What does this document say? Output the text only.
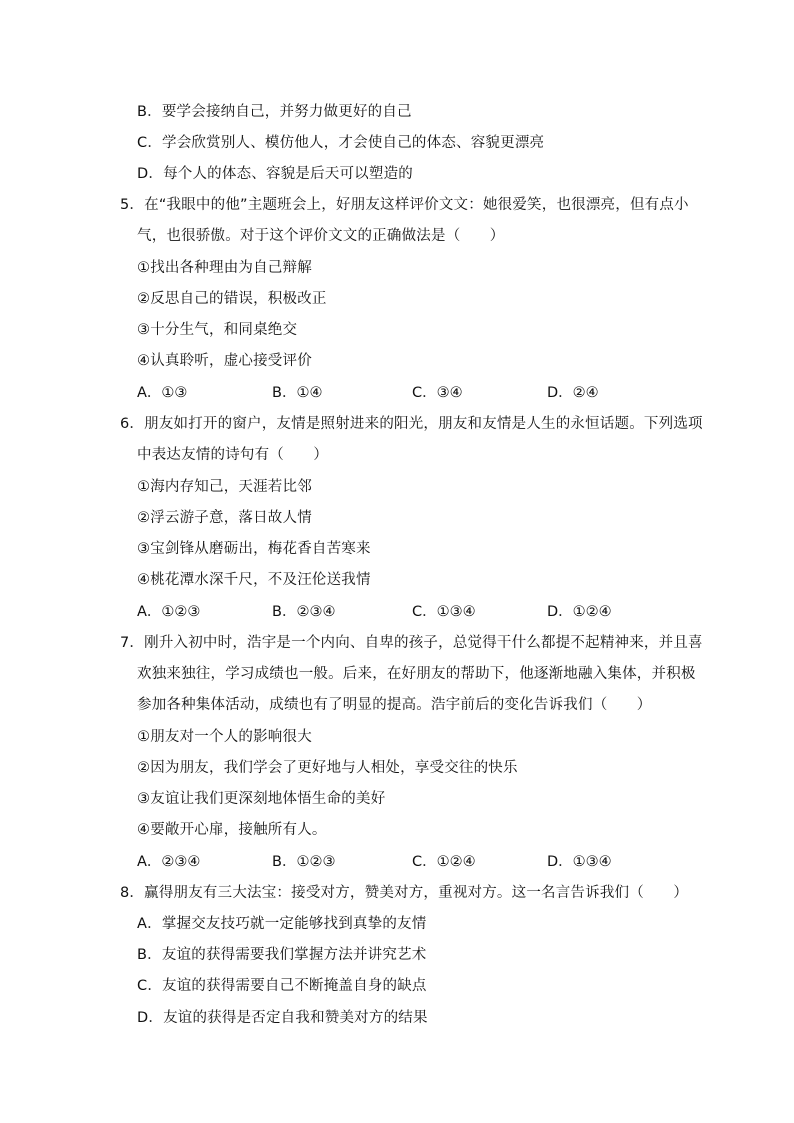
B．要学会接纳自己，并努力做更好的自己
C．学会欣赏别人、模仿他人，才会使自己的体态、容貌更漂亮
D．每个人的体态、容貌是后天可以塑造的
5．在“我眼中的他”主题班会上，好朋友这样评价文文：她很爱笑，也很漂亮，但有点小
气，也很骄傲。对于这个评价文文的正确做法是（　　）
①找出各种理由为自己辩解
②反思自己的错误，积极改正
③十分生气，和同桌绝交
④认真聆听，虚心接受评价
A．①③	B．①④	C．③④	D．②④
6．朋友如打开的窗户，友情是照射进来的阳光，朋友和友情是人生的永恒话题。下列选项
中表达友情的诗句有（　　）
①海内存知己，天涯若比邻
②浮云游子意，落日故人情
③宝剑锋从磨砺出，梅花香自苦寒来
④桃花潭水深千尺，不及汪伦送我情
A．①②③	B．②③④	C．①③④	D．①②④
7．刚升入初中时，浩宇是一个内向、自卑的孩子，总觉得干什么都提不起精神来，并且喜
欢独来独往，学习成绩也一般。后来，在好朋友的帮助下，他逐渐地融入集体，并积极
参加各种集体活动，成绩也有了明显的提高。浩宇前后的变化告诉我们（　　）
①朋友对一个人的影响很大
②因为朋友，我们学会了更好地与人相处，享受交往的快乐
③友谊让我们更深刻地体悟生命的美好
④要敞开心扉，接触所有人。
A．②③④	B．①②③	C．①②④	D．①③④
8．赢得朋友有三大法宝：接受对方，赞美对方，重视对方。这一名言告诉我们（　　）
A．掌握交友技巧就一定能够找到真挚的友情
B．友谊的获得需要我们掌握方法并讲究艺术
C．友谊的获得需要自己不断掩盖自身的缺点
D．友谊的获得是否定自我和赞美对方的结果
